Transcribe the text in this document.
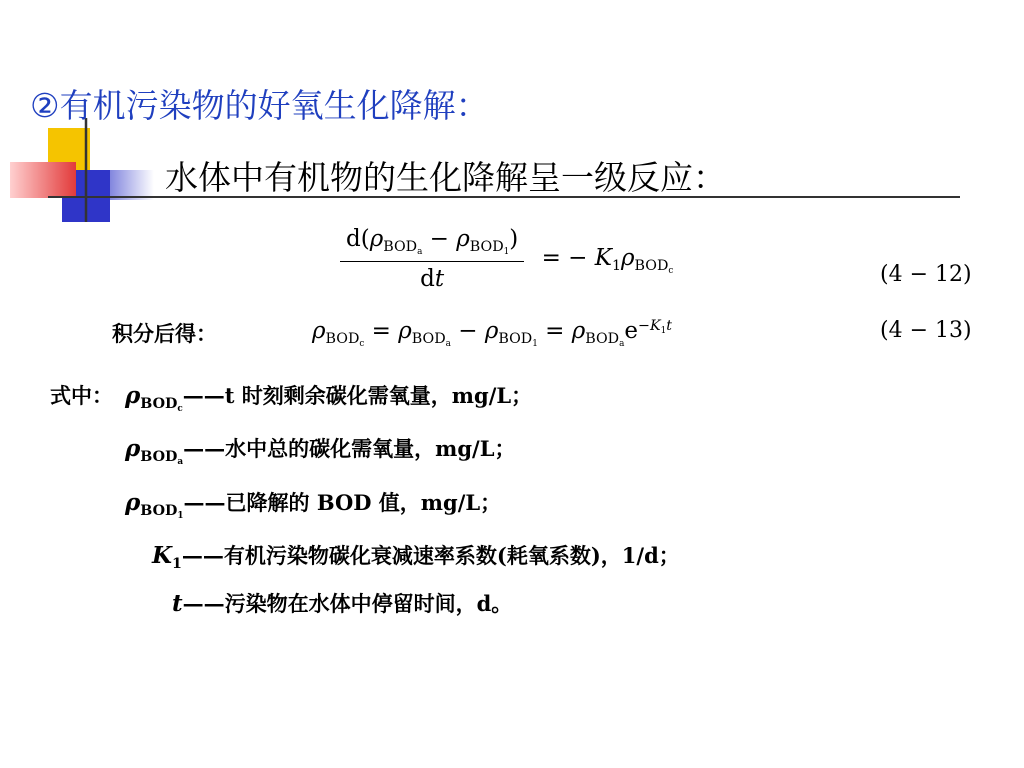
②有机污染物的好氧生化降解：
水体中有机物的生化降解呈一级反应：
$\frac{d(\rho_{BOD_a} - \rho_{BOD_1})}{dt}$ = − $K_1\rho_{BOD_c}$	(4 − 12)
积分后得：	$\rho_{BOD_c} = \rho_{BOD_a} - \rho_{BOD_1} = \rho_{BOD_a}e^{-K_1t}$	(4 − 13)
式中： $\rho_{BOD_c}——t$ 时刻剩余碳化需氧量，mg/L；
$\rho_{BOD_a}——$水中总的碳化需氧量，mg/L；
$\rho_{BOD_1}——$已降解的 BOD 值，mg/L；
$K_1——$有机污染物碳化衰减速率系数(耗氧系数)，1/d；
t——污染物在水体中停留时间，d。
